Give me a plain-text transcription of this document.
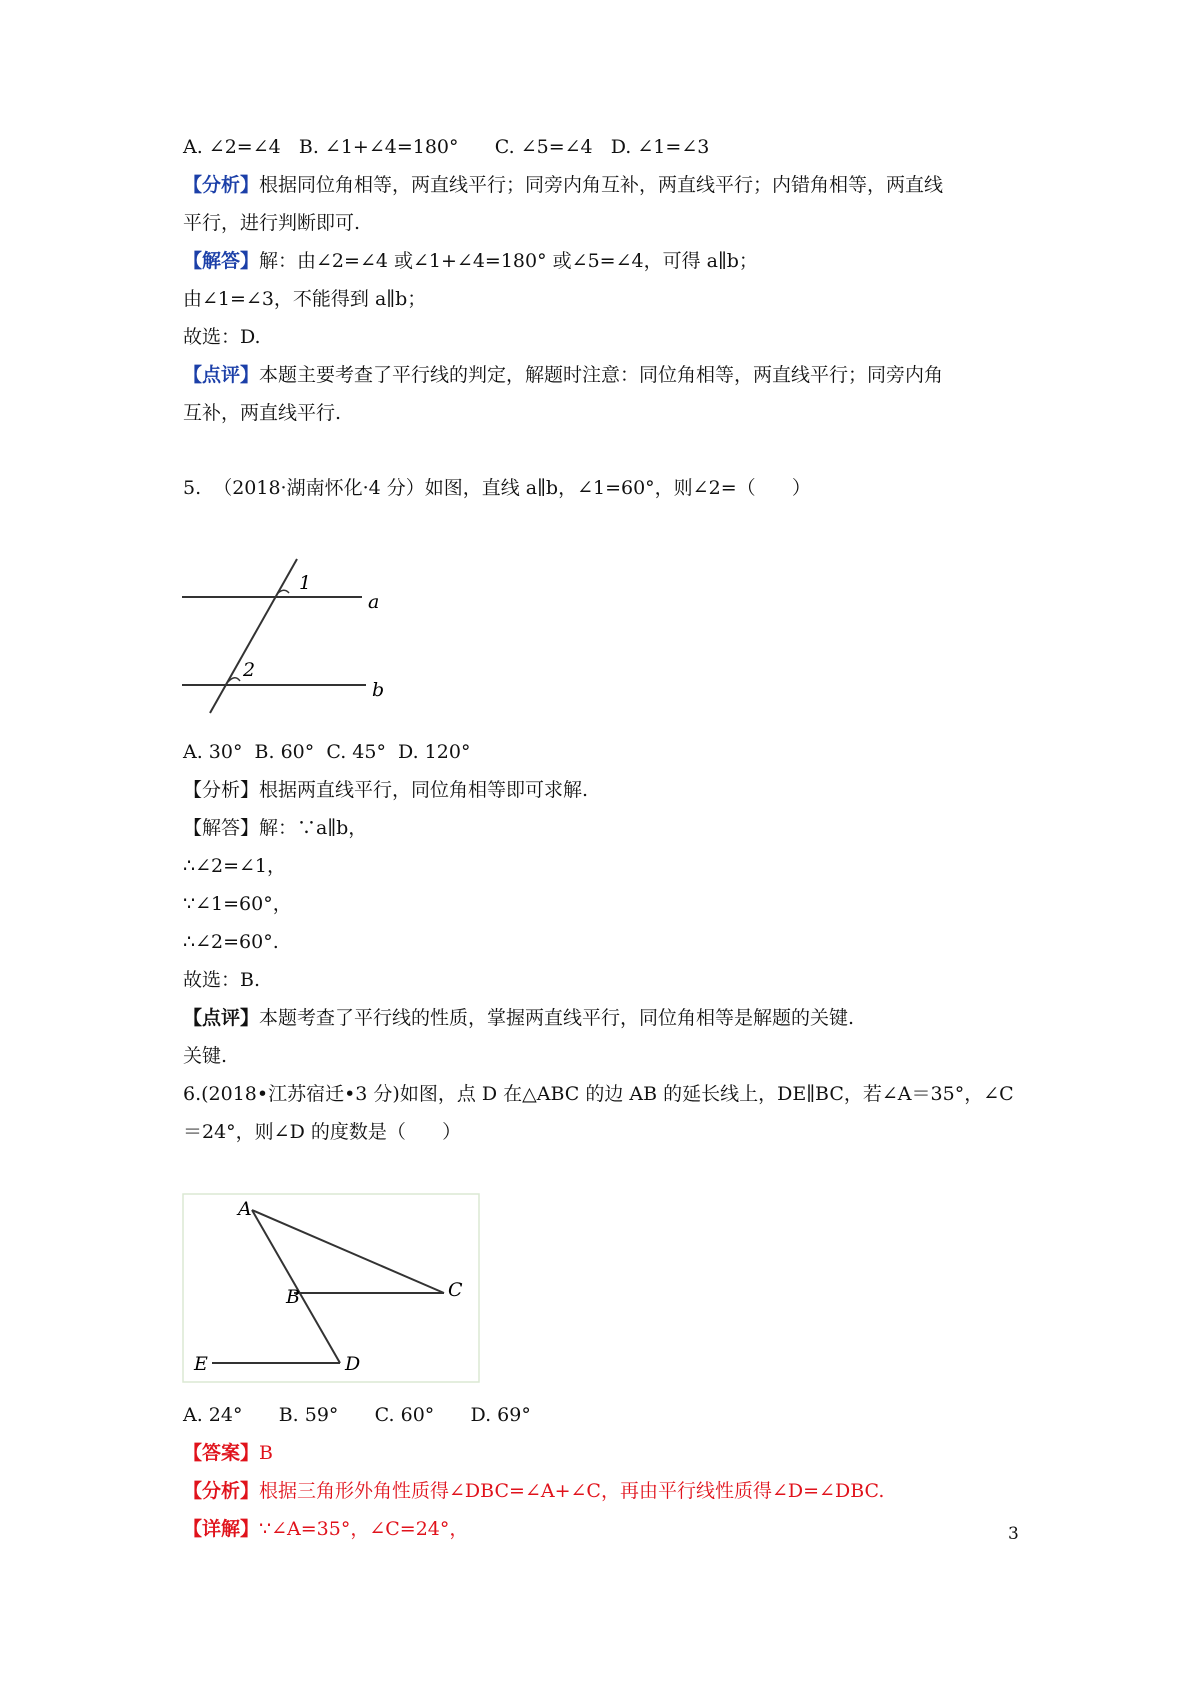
A. ∠2=∠4   B. ∠1+∠4=180°      C. ∠5=∠4   D. ∠1=∠3
【分析】根据同位角相等，两直线平行；同旁内角互补，两直线平行；内错角相等，两直线
平行，进行判断即可.
【解答】解：由∠2=∠4 或∠1+∠4=180° 或∠5=∠4，可得 a∥b；
由∠1=∠3，不能得到 a∥b；
故选：D.
【点评】本题主要考查了平行线的判定，解题时注意：同位角相等，两直线平行；同旁内角
互补，两直线平行.
5.  （2018·湖南怀化·4 分）如图，直线 a∥b，∠1=60°，则∠2=（      ）
1
2
a
b
A. 30°  B. 60°  C. 45°  D. 120°
【分析】根据两直线平行，同位角相等即可求解.
【解答】解：∵a∥b，
∴∠2=∠1，
∵∠1=60°，
∴∠2=60°.
故选：B.
【点评】本题考查了平行线的性质，掌握两直线平行，同位角相等是解题的关键.
关键.
6.(2018•江苏宿迁•3 分)如图，点 D 在△ABC 的边 AB 的延长线上，DE∥BC，若∠A＝35°，∠C
＝24°，则∠D 的度数是（      ）
A
B	C
D
E
A. 24°      B. 59°      C. 60°      D. 69°
【答案】B
【分析】根据三角形外角性质得∠DBC=∠A+∠C，再由平行线性质得∠D=∠DBC.
【详解】∵∠A=35°，∠C=24°，	3
